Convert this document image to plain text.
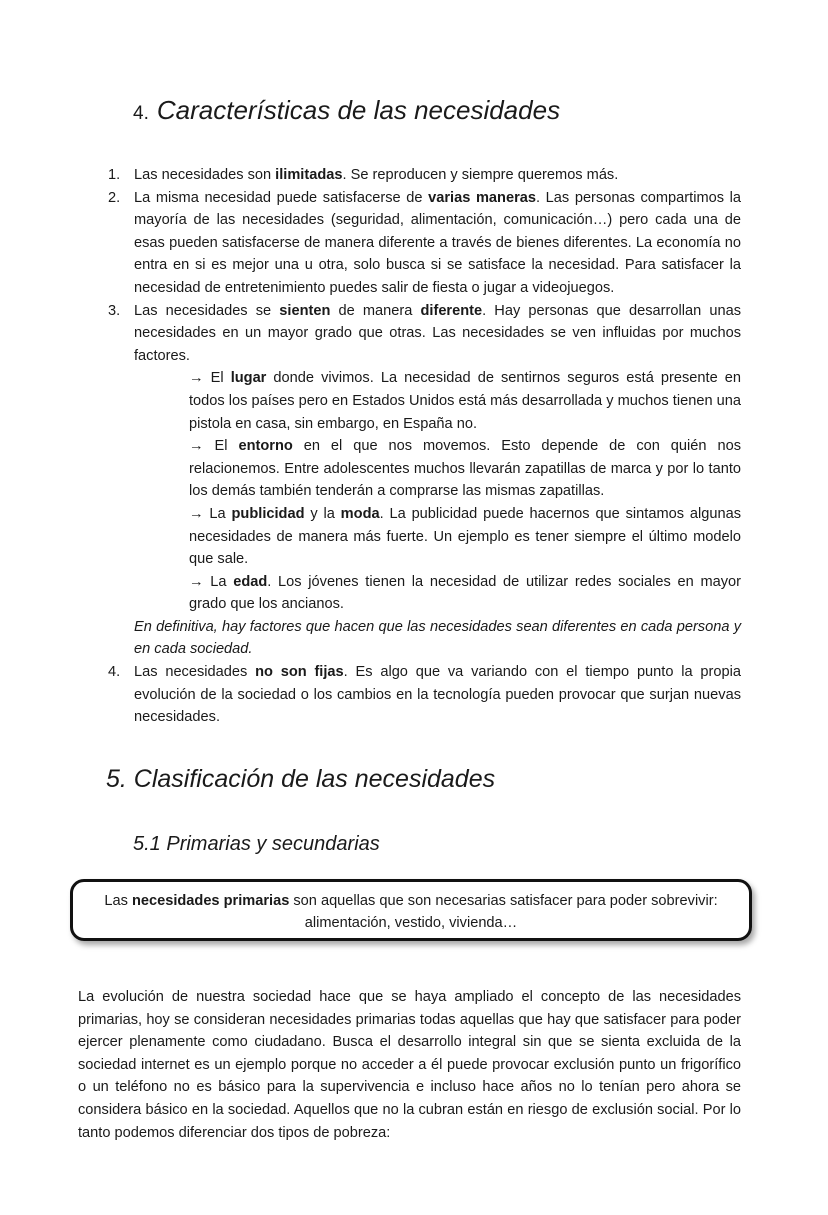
4. Características de las necesidades
1. Las necesidades son ilimitadas. Se reproducen y siempre queremos más.
2. La misma necesidad puede satisfacerse de varias maneras. Las personas compartimos la mayoría de las necesidades (seguridad, alimentación, comunicación…) pero cada una de esas pueden satisfacerse de manera diferente a través de bienes diferentes. La economía no entra en si es mejor una u otra, solo busca si se satisface la necesidad. Para satisfacer la necesidad de entretenimiento puedes salir de fiesta o jugar a videojuegos.
3. Las necesidades se sienten de manera diferente. Hay personas que desarrollan unas necesidades en un mayor grado que otras. Las necesidades se ven influidas por muchos factores.
→ El lugar donde vivimos. La necesidad de sentirnos seguros está presente en todos los países pero en Estados Unidos está más desarrollada y muchos tienen una pistola en casa, sin embargo, en España no.
→ El entorno en el que nos movemos. Esto depende de con quién nos relacionemos. Entre adolescentes muchos llevarán zapatillas de marca y por lo tanto los demás también tenderán a comprarse las mismas zapatillas.
→ La publicidad y la moda. La publicidad puede hacernos que sintamos algunas necesidades de manera más fuerte. Un ejemplo es tener siempre el último modelo que sale.
→ La edad. Los jóvenes tienen la necesidad de utilizar redes sociales en mayor grado que los ancianos.
En definitiva, hay factores que hacen que las necesidades sean diferentes en cada persona y en cada sociedad.
4. Las necesidades no son fijas. Es algo que va variando con el tiempo punto la propia evolución de la sociedad o los cambios en la tecnología pueden provocar que surjan nuevas necesidades.
5. Clasificación de las necesidades
5.1 Primarias y secundarias
Las necesidades primarias son aquellas que son necesarias satisfacer para poder sobrevivir:
alimentación, vestido, vivienda…

La evolución de nuestra sociedad hace que se haya ampliado el concepto de las necesidades primarias, hoy se consideran necesidades primarias todas aquellas que hay que satisfacer para poder ejercer plenamente como ciudadano. Busca el desarrollo integral sin que se sienta excluida de la sociedad internet es un ejemplo porque no acceder a él puede provocar exclusión punto un frigorífico o un teléfono no es básico para la supervivencia e incluso hace años no lo tenían pero ahora se considera básico en la sociedad. Aquellos que no la cubran están en riesgo de exclusión social. Por lo tanto podemos diferenciar dos tipos de pobreza:
